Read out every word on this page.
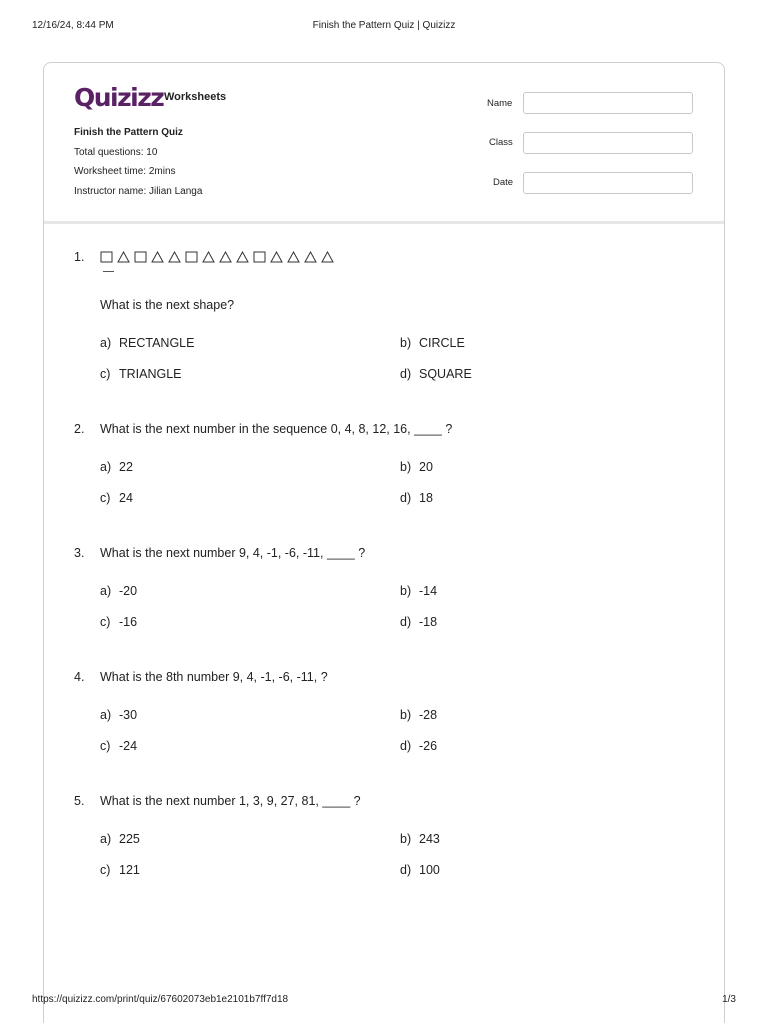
12/16/24, 8:44 PM	Finish the Pattern Quiz | Quizizz
Quizizz Worksheets
Finish the Pattern Quiz
Total questions: 10
Worksheet time: 2mins
Instructor name: Jilian Langa
Name
Class
Date
1.
What is the next shape?
a) RECTANGLE	b) CIRCLE
c) TRIANGLE	d) SQUARE
2. What is the next number in the sequence 0, 4, 8, 12, 16, ____ ?
a) 22	b) 20
c) 24	d) 18
3. What is the next number 9, 4, -1, -6, -11, ____ ?
a) -20	b) -14
c) -16	d) -18
4. What is the 8th number 9, 4, -1, -6, -11, ?
a) -30	b) -28
c) -24	d) -26
5. What is the next number 1, 3, 9, 27, 81, ____ ?
a) 225	b) 243
c) 121	d) 100
https://quizizz.com/print/quiz/67602073eb1e2101b7ff7d18	1/3
